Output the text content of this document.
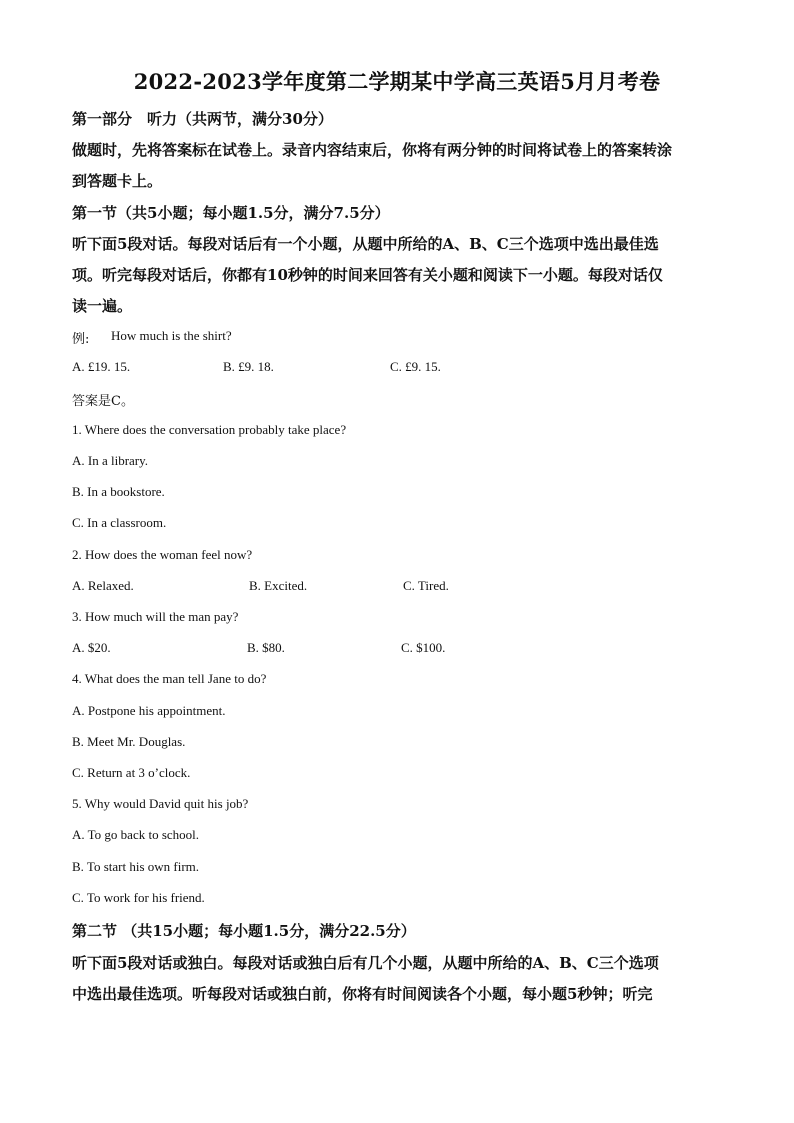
2022-2023学年度第二学期某中学高三英语5月月考卷
第一部分　听力（共两节，满分30分）
做题时，先将答案标在试卷上。录音内容结束后，你将有两分钟的时间将试卷上的答案转涂
到答题卡上。
第一节（共5小题；每小题1.5分，满分7.5分）
听下面5段对话。每段对话后有一个小题，从题中所给的A、B、C三个选项中选出最佳选
项。听完每段对话后，你都有10秒钟的时间来回答有关小题和阅读下一小题。每段对话仅
读一遍。
例: How much is the shirt?
A. £19. 15.	B. £9. 18.	C. £9. 15.
答案是C。
1. Where does the conversation probably take place?
A. In a library.
B. In a bookstore.
C. In a classroom.
2. How does the woman feel now?
A. Relaxed.	B. Excited.	C. Tired.
3. How much will the man pay?
A. $20.	B. $80.	C. $100.
4. What does the man tell Jane to do?
A. Postpone his appointment.
B. Meet Mr. Douglas.
C. Return at 3 o’clock.
5. Why would David quit his job?
A. To go back to school.
B. To start his own firm.
C. To work for his friend.
第二节 （共15小题；每小题1.5分，满分22.5分）
听下面5段对话或独白。每段对话或独白后有几个小题，从题中所给的A、B、C三个选项
中选出最佳选项。听每段对话或独白前，你将有时间阅读各个小题，每小题5秒钟；听完
